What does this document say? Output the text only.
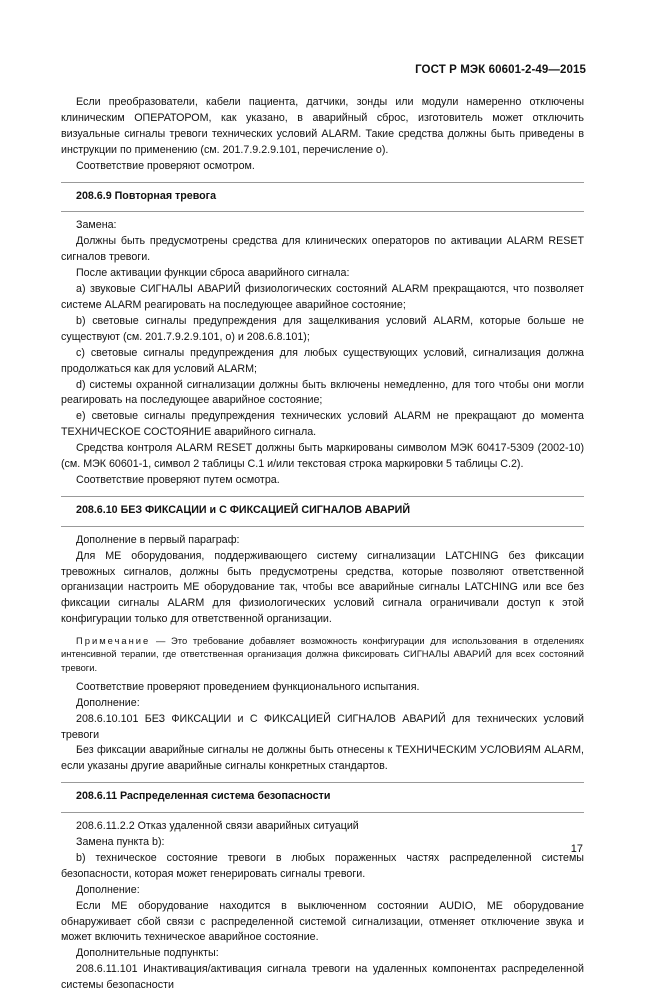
ГОСТ Р МЭК 60601-2-49—2015

Если преобразователи, кабели пациента, датчики, зонды или модули намеренно отключены клиническим ОПЕРАТОРОМ, как указано, в аварийный сброс, изготовитель может отключить визуальные сигналы тревоги технических условий ALARM. Такие средства должны быть приведены в инструкции по применению (см. 201.7.9.2.9.101, перечисление о).

Соответствие проверяют осмотром.

208.6.9 Повторная тревога

Замена:

Должны быть предусмотрены средства для клинических операторов по активации ALARM RESET сигналов тревоги.

После активации функции сброса аварийного сигнала:

a) звуковые СИГНАЛЫ АВАРИЙ физиологических состояний ALARM прекращаются, что позволяет системе ALARM реагировать на последующее аварийное состояние;

b) световые сигналы предупреждения для защелкивания условий ALARM, которые больше не существуют (см. 201.7.9.2.9.101, о) и 208.6.8.101);

c) световые сигналы предупреждения для любых существующих условий, сигнализация должна продолжаться как для условий ALARM;

d) системы охранной сигнализации должны быть включены немедленно, для того чтобы они могли реагировать на последующее аварийное состояние;

e) световые сигналы предупреждения технических условий ALARM не прекращают до момента ТЕХНИЧЕСКОЕ СОСТОЯНИЕ аварийного сигнала.

Средства контроля ALARM RESET должны быть маркированы символом МЭК 60417-5309 (2002-10) (см. МЭК 60601-1, символ 2 таблицы С.1 и/или текстовая строка маркировки 5 таблицы С.2).

Соответствие проверяют путем осмотра.

208.6.10 БЕЗ ФИКСАЦИИ и С ФИКСАЦИЕЙ СИГНАЛОВ АВАРИЙ

Дополнение в первый параграф:

Для ME оборудования, поддерживающего систему сигнализации LATCHING без фиксации тревожных сигналов, должны быть предусмотрены средства, которые позволяют ответственной организации настроить ME оборудование так, чтобы все аварийные сигналы LATCHING или все без фиксации сигналы ALARM для физиологических условий сигнала ограничивали доступ к этой конфигурации только для ответственной организации.

Примечание — Это требование добавляет возможность конфигурации для использования в отделениях интенсивной терапии, где ответственная организация должна фиксировать СИГНАЛЫ АВАРИЙ для всех состояний тревоги.

Соответствие проверяют проведением функционального испытания.

Дополнение:

208.6.10.101 БЕЗ ФИКСАЦИИ и С ФИКСАЦИЕЙ СИГНАЛОВ АВАРИЙ для технических условий тревоги

Без фиксации аварийные сигналы не должны быть отнесены к ТЕХНИЧЕСКИМ УСЛОВИЯМ ALARM, если указаны другие аварийные сигналы конкретных стандартов.

208.6.11 Распределенная система безопасности

208.6.11.2.2 Отказ удаленной связи аварийных ситуаций

Замена пункта b):

b) техническое состояние тревоги в любых пораженных частях распределенной системы безопасности, которая может генерировать сигналы тревоги.

Дополнение:

Если ME оборудование находится в выключенном состоянии AUDIO, ME оборудование обнаруживает сбой связи с распределенной системой сигнализации, отменяет отключение звука и может включить техническое аварийное состояние.

Дополнительные подпункты:

208.6.11.101 Инактивация/активация сигнала тревоги на удаленных компонентах распределенной системы безопасности

17
